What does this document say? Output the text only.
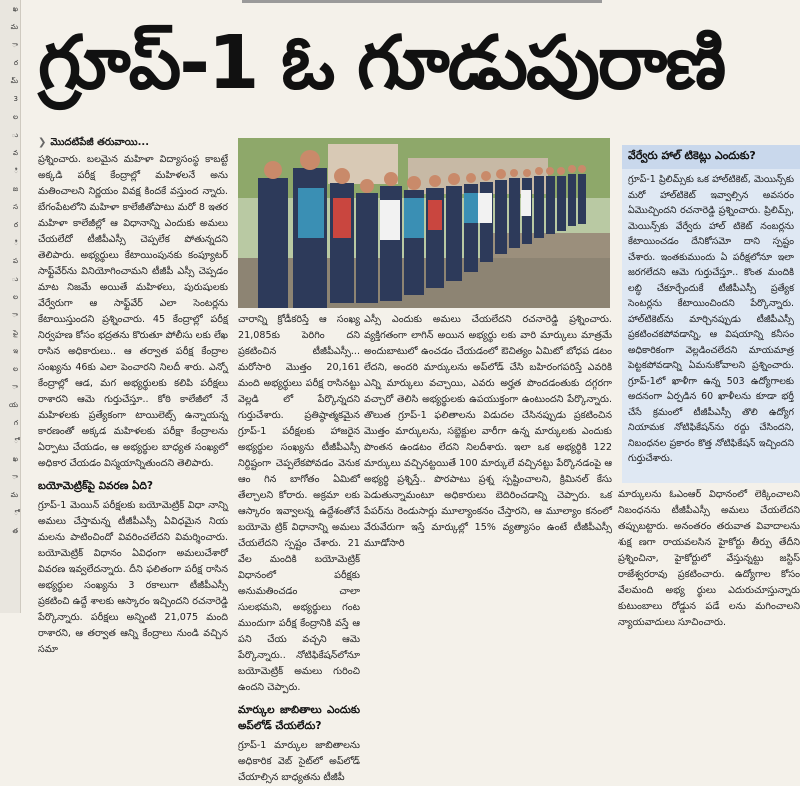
ఖ
మ
ా
ర
మ్
3
ల
ు
వ
ి
జ
స
ర
ి
ప
ు
ల
ా
పై
ఇ
ల
ా
య
గ
ో
ఖ
ా
మ
ో
త
గ్రూప్-1 ఓ గూడుపురాణి
❯ మొదటిపేజీ తరువాయి...

ప్రశ్నించారు. బలమైన మహిళా విద్యాసంస్థ కాబట్టే అక్కడి పరీక్ష కేంద్రాల్లో మహిళలనే అను మతించాలని నిర్ణయం వివక్ష కిందకే వస్తుంద న్నారు. బేగంపేటలోని మహిళా కాలేజీతోపాటు మరో 8 ఇతర మహిళా కాలేజీల్లో ఆ విధానాన్ని ఎందుకు అమలు చేయలేదో టీజీపీఎస్సీ చెప్పలేక పోతున్నదని తెలిపారు. అభ్యర్థులు కేటాయింపునకు కంప్యూటర్ సాఫ్ట్‌వేర్‌ను వినియోగించామని టీజీపీ ఎస్సీ చెప్పడం మాట నిజమే అయితే మహిళలు, పురుషులకు వేర్వేరుగా ఆ సాఫ్ట్‌వేర్ ఎలా సెంటర్లను కేటాయిస్తుందని ప్రశ్నించారు. 45 కేంద్రాల్లో పరీక్ష నిర్వహణ కోసం భద్రతను కొరుతూ పోలీసు లకు లేఖ రాసిన అధికారులు.. ఆ తర్వాత పరీక్ష కేంద్రాల సంఖ్యను 46కు ఎలా పెంచారని నిలదీ శారు. ఎన్నో కేంద్రాల్లో ఆడ, మగ అభ్యర్థులకు కలిపి పరీక్షలు రాశారని ఆమె గుర్తుచేస్తూ.. కోఠి కాలేజీలో నే మహిళలకు ప్రత్యేకంగా టాయిలెట్స్ ఉన్నాయన్న కారణంతో అక్కడ మహిళలకు పరీక్షా కేంద్రాలను ఏర్పాటు చేయడం, ఆ అభ్యర్థుల బాధ్యత సంఖ్యలో అధికార చేయడం విస్మయాన్నితుందని తెలిపారు.

బయోమెట్రిక్‌పై వివరణ ఏది?

గ్రూప్-1 మెయిన్ పరీక్షలకు బయోమెట్రిక్ విధా నాన్ని అమలు చేస్తామన్న టీజీపీఎస్సీ ఏవిధమైన నియ మలను పాటించిందో వివరించలేదని విమర్శించారు. బయోమెట్రిక్ విధానం ఏవిధంగా అమలుచేశారో వివరణ ఇవ్వలేదన్నారు. దీని ఫలితంగా పరీక్ష రాసిన అభ్యర్థుల సంఖ్యను 3 రకాలుగా టీజీపీఎస్సీ ప్రకటించి ఉద్దే శాలకు ఆస్కారం ఇచ్చిందని రచనారెడ్డి పేర్కొన్నారు. పరీక్షలు అన్నింటి 21,075 మంది రాశారని, ఆ తర్వాత ఆన్ని కేంద్రాలు నుండి వచ్చిన సమా

చారాన్ని క్రోడీకరిస్తే ఆ సంఖ్య 21,085కు పెరిగిం దని ప్రకటించిన టీజీపీఎస్సీ... మరోసారి మొత్తం 20,161 మంది అభ్యర్థులు పరీక్ష రాసినట్టు వెల్లడి లో పేర్కొన్నదని గుర్తుచేశారు. ప్రతిష్ఠాత్మకమైన గ్రూప్-1 పరీక్షలకు హాజరైన అభ్యర్థుల సంఖ్యను టీజీపీఎస్సీ నిర్దిష్టంగా చెప్పలేకపోవడం వెనుక ఆం గిన బాగోతం ఏమిటో తేల్చాలని కోరారు. అక్రమా లకు ఆస్కారం ఇవ్వాలన్న ఉద్దేశంతోనే బయోమె ట్రిక్ విధానాన్ని అమలు చేయలేదని స్పష్టం చేశారు. 21 వేల మందికి బయోమెట్రిక్ విధానంలో పరీక్షకు అనుమతించడం చాలా సులభమని, అభ్యర్థులు గంట ముందుగా పరీక్ష కేంద్రానికి వస్తే ఆ పని చేయ వచ్చని ఆమె పేర్కొన్నారు.. నోటిఫికేషన్‌లోనూ బయోమెట్రిక్ అమలు గురించి ఉందని చెప్పారు.

మార్కుల జాబితాలు ఎందుకు అప్‌లోడ్ చేయలేదు?

గ్రూప్-1 మార్కుల జాబితాలను అధికారిక వెబ్ సైట్‌లో అప్‌లోడ్ చేయాల్సిన బాధ్యతను టీజీపీ

ఎస్సీ ఎందుకు అమలు చేయలేదని రచనారెడ్డి ప్రశ్నించారు. వ్యక్తిగతంగా లాగిన్ అయిన అభ్యర్థు లకు వారి మార్కులు మాత్రమే అందుబాటులో ఉంచడం చేయడంలో ఔచిత్యం ఏమిటో బోధప డటం లేదని, అందరి మార్కులను అప్‌లోడ్ చేసి బహిరంగపరిస్తే ఎవరికి ఎన్ని మార్కులు వచ్చాయి, ఎవరు అర్హత పొందడంతుకు దగ్గరగా వచ్చారో తెలిసి అభ్యర్థులకు ఉపయుక్తంగా ఉంటుందని పేర్కొన్నారు. తొలుత గ్రూప్-1 ఫలితాలను విడుదల చేసినప్పుడు ప్రకటించిన మొత్తం మార్కులను, సబ్జెక్టుల వారీగా ఉన్న మార్కులకు ఎందుకు పొంతన ఉండటం లేదని నిలదీశారు. ఇలా ఒక అభ్యర్థికి 122 మార్కులు వచ్చినట్టయితే 100 మార్కులే వచ్చినట్టు పేర్కొనడంపై ఆ అభ్యర్థి ప్రశ్నిస్తే.. పొరపాటు ప్రశ్న స్పష్టించాలని, క్రిమినల్ కేసు పెడుతున్నామంటూ అధికారులు బెదిరించడాన్ని చెప్పారు. ఒక పేపర్‌ను రెండుసార్లు మూల్యాంకనం చేస్తారని, ఆ మూల్యాం కనంలో వేరువేరుగా ఇస్తే మార్కుల్లో 15% వ్యత్యాసం ఉంటే టీజీపీఎస్సీ మూడోసారి

వేర్వేరు హాల్ టికెట్లు ఎందుకు?
గ్రూప్-1 ప్రిలిమ్స్‌కు ఒక హాల్‌టికెట్, మెయిన్స్‌కు మరో హాల్‌టికెట్ ఇవ్వాల్సిన అవసరం ఏమొచ్చిందని రచనారెడ్డి ప్రశ్నించారు. ప్రిలిమ్స్, మెయిన్స్‌కు వేర్వేరు హాల్ టికెట్ నంబర్లను కేటాయించడం దేనికోసమో దాని స్పష్టం చేశారు. ఇంతకుముందు ఏ పరీక్షలోనూ ఇలా జరగలేదని ఆమె గుర్తుచేస్తూ.. కొంత మందికి లబ్ధి చేకూర్చేందుకే టీజీపీఎస్సీ ప్రత్యేక సెంటర్లను కేటాయించిందని పేర్కొన్నారు. హాల్‌టికెట్‌ను మార్చినప్పుడు టీజీపీఎస్సీ ప్రకటించకపోవడాన్ని, ఆ విషయాన్ని కనీసం అధికారికంగా వెల్లడించలేదని మాయమాత్ర పెట్టకపోవడాన్ని ఏమనుకోవాలని ప్రశ్నించారు. గ్రూప్-1లో ఖాళీగా ఉన్న 503 ఉద్యోగాలకు అదనంగా ఏర్పడిన 60 ఖాళీలను కూడా భర్తీ చేసే క్రమంలో టీజీపీఎస్సీ తొలి ఉద్యోగ నియామక నోటిఫికేషన్‌ను రద్దు చేసిందని, నిబంధనల ప్రకారం కొత్త నోటిఫికేషన్ ఇచ్చిందని గుర్తుచేశారు.

మార్కులను ఓఎంఆర్ విధానంలో లెక్కించాలని నిబంధనను టీజీపీఎస్సీ అమలు చేయలేదని తప్పుబట్టారు. అనంతరం తరువాత వివాదాలను శుక్ష ణగా రాయవలసిన హైకోర్టు తీర్పు తేదీని ప్రశ్నించినా, హైకోర్టులో వేస్తున్నట్టు జస్టిస్ రాజేశ్వరరావు ప్రకటించారు. ఉద్యోగాల కోసం వేలమంది అభ్య ర్థులు ఎదురుచూస్తున్నారు కుటుంబాలు రోడ్డున పడే లను మగించాలని న్యాయవాదులు సూచించారు.
